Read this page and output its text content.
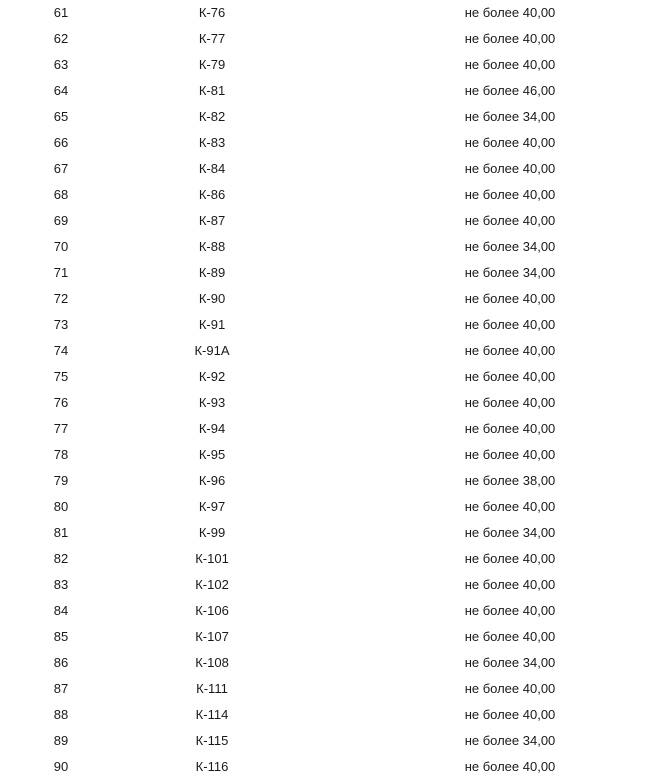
61	К-76	не более 40,00
62	К-77	не более 40,00
63	К-79	не более 40,00
64	К-81	не более 46,00
65	К-82	не более 34,00
66	К-83	не более 40,00
67	К-84	не более 40,00
68	К-86	не более 40,00
69	К-87	не более 40,00
70	К-88	не более 34,00
71	К-89	не более 34,00
72	К-90	не более 40,00
73	К-91	не более 40,00
74	К-91А	не более 40,00
75	К-92	не более 40,00
76	К-93	не более 40,00
77	К-94	не более 40,00
78	К-95	не более 40,00
79	К-96	не более 38,00
80	К-97	не более 40,00
81	К-99	не более 34,00
82	К-101	не более 40,00
83	К-102	не более 40,00
84	К-106	не более 40,00
85	К-107	не более 40,00
86	К-108	не более 34,00
87	К-111	не более 40,00
88	К-114	не более 40,00
89	К-115	не более 34,00
90	К-116	не более 40,00
